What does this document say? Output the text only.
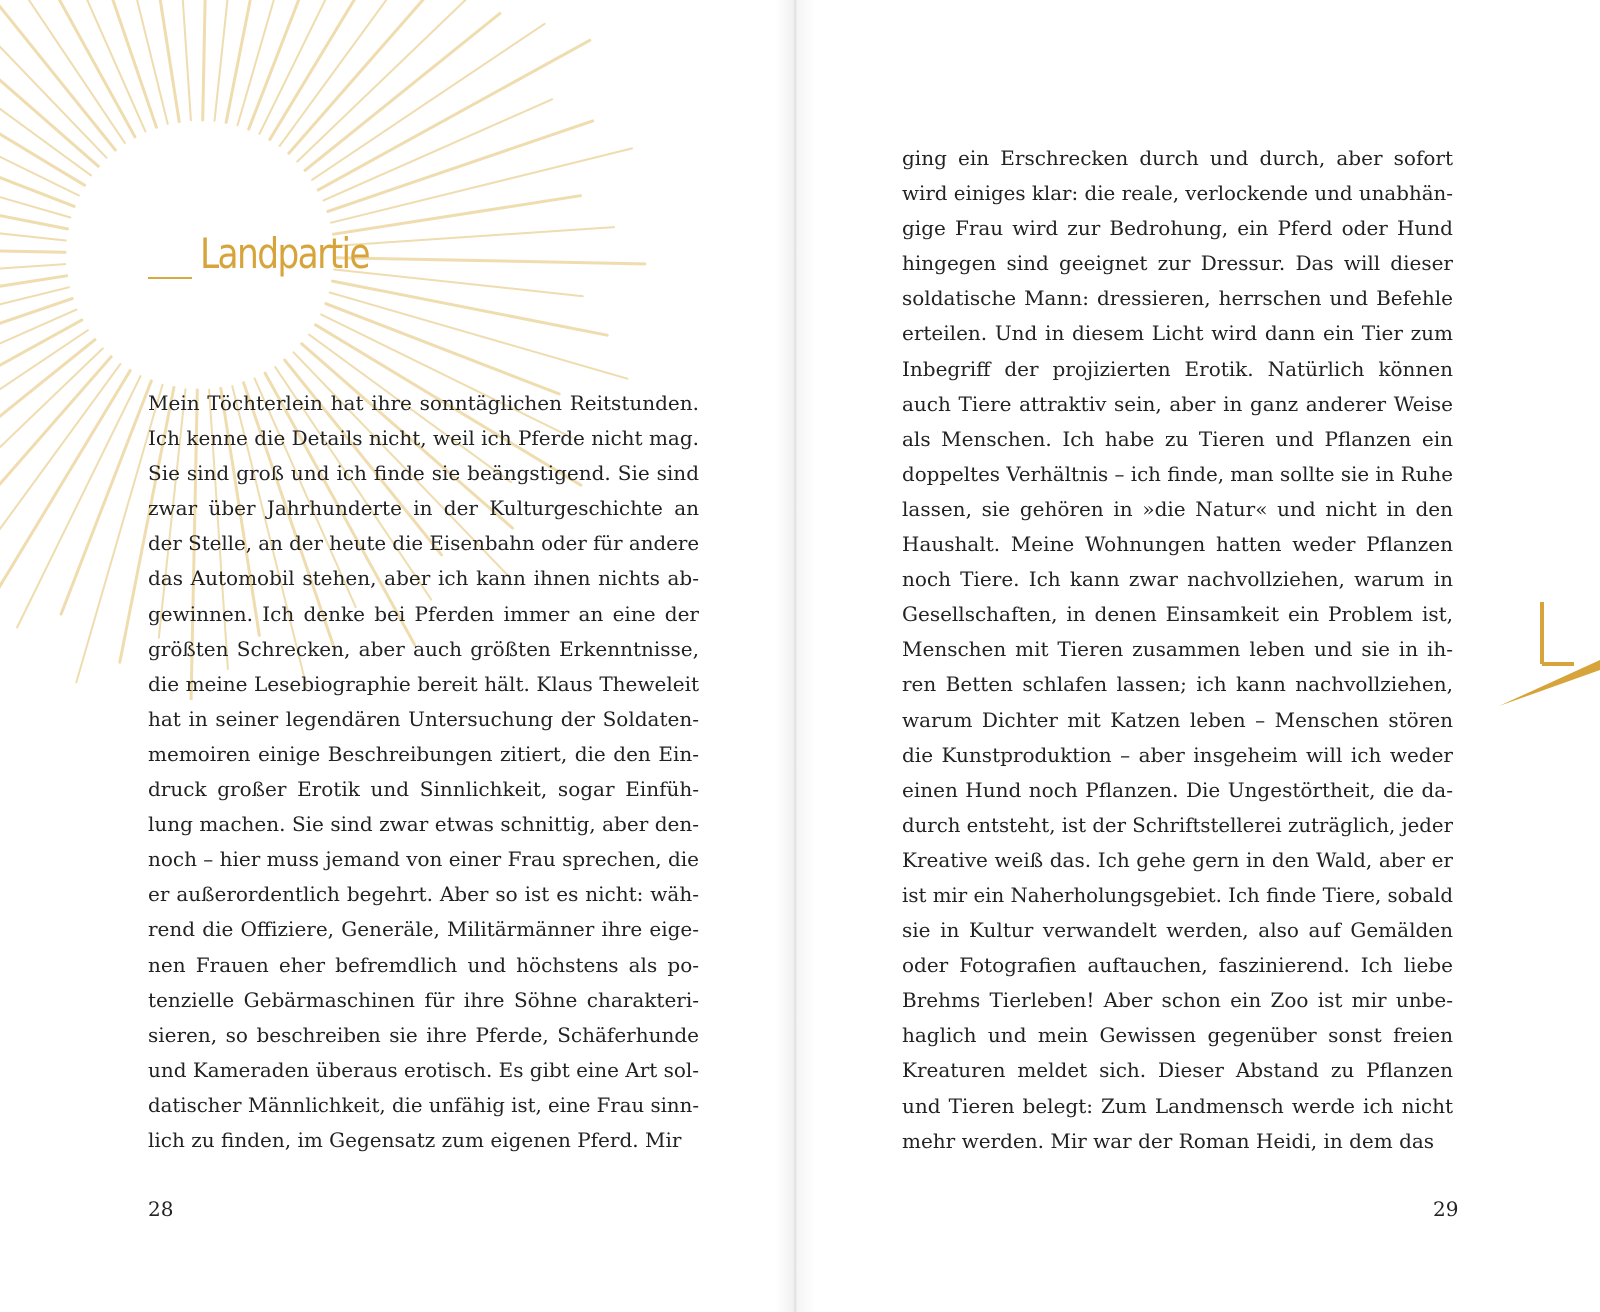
Landpartie
Mein Töchterlein hat ihre sonntäglichen Reitstunden.
Ich kenne die Details nicht, weil ich Pferde nicht mag.
Sie sind groß und ich finde sie beängstigend. Sie sind
zwar über Jahrhunderte in der Kulturgeschichte an
der Stelle, an der heute die Eisenbahn oder für andere
das Automobil stehen, aber ich kann ihnen nichts ab-
gewinnen. Ich denke bei Pferden immer an eine der
größten Schrecken, aber auch größten Erkenntnisse,
die meine Lesebiographie bereit hält. Klaus Theweleit
hat in seiner legendären Untersuchung der Soldaten-
memoiren einige Beschreibungen zitiert, die den Ein-
druck großer Erotik und Sinnlichkeit, sogar Einfüh-
lung machen. Sie sind zwar etwas schnittig, aber den-
noch – hier muss jemand von einer Frau sprechen, die
er außerordentlich begehrt. Aber so ist es nicht: wäh-
rend die Offiziere, Generäle, Militärmänner ihre eige-
nen Frauen eher befremdlich und höchstens als po-
tenzielle Gebärmaschinen für ihre Söhne charakteri-
sieren, so beschreiben sie ihre Pferde, Schäferhunde
und Kameraden überaus erotisch. Es gibt eine Art sol-
datischer Männlichkeit, die unfähig ist, eine Frau sinn-
lich zu finden, im Gegensatz zum eigenen Pferd. Mir
28
ging ein Erschrecken durch und durch, aber sofort
wird einiges klar: die reale, verlockende und unabhän-
gige Frau wird zur Bedrohung, ein Pferd oder Hund
hingegen sind geeignet zur Dressur. Das will dieser
soldatische Mann: dressieren, herrschen und Befehle
erteilen. Und in diesem Licht wird dann ein Tier zum
Inbegriff der projizierten Erotik. Natürlich können
auch Tiere attraktiv sein, aber in ganz anderer Weise
als Menschen. Ich habe zu Tieren und Pflanzen ein
doppeltes Verhältnis – ich finde, man sollte sie in Ruhe
lassen, sie gehören in »die Natur« und nicht in den
Haushalt. Meine Wohnungen hatten weder Pflanzen
noch Tiere. Ich kann zwar nachvollziehen, warum in
Gesellschaften, in denen Einsamkeit ein Problem ist,
Menschen mit Tieren zusammen leben und sie in ih-
ren Betten schlafen lassen; ich kann nachvollziehen,
warum Dichter mit Katzen leben – Menschen stören
die Kunstproduktion – aber insgeheim will ich weder
einen Hund noch Pflanzen. Die Ungestörtheit, die da-
durch entsteht, ist der Schriftstellerei zuträglich, jeder
Kreative weiß das. Ich gehe gern in den Wald, aber er
ist mir ein Naherholungsgebiet. Ich finde Tiere, sobald
sie in Kultur verwandelt werden, also auf Gemälden
oder Fotografien auftauchen, faszinierend. Ich liebe
Brehms Tierleben! Aber schon ein Zoo ist mir unbe-
haglich und mein Gewissen gegenüber sonst freien
Kreaturen meldet sich. Dieser Abstand zu Pflanzen
und Tieren belegt: Zum Landmensch werde ich nicht
mehr werden. Mir war der Roman Heidi, in dem das
29
